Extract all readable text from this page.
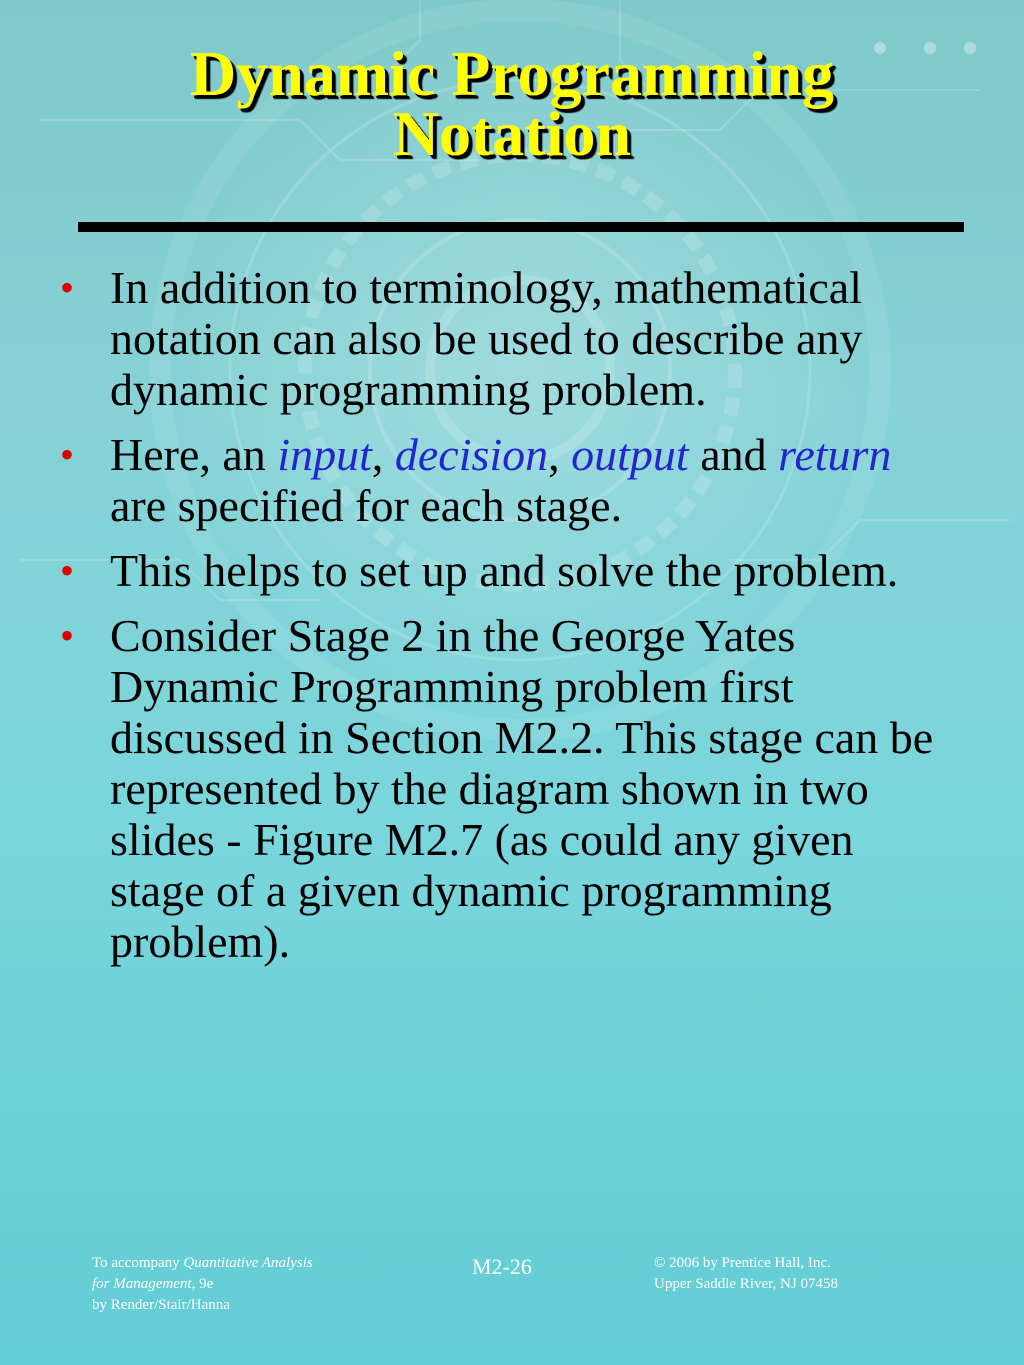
Dynamic Programming
Notation
• In addition to terminology, mathematical notation can also be used to describe any dynamic programming problem.
• Here, an input, decision, output and return are specified for each stage.
• This helps to set up and solve the problem.
• Consider Stage 2 in the George Yates Dynamic Programming problem first discussed in Section M2.2. This stage can be represented by the diagram shown in two slides - Figure M2.7 (as could any given stage of a given dynamic programming problem).
To accompany Quantitative Analysis
for Management, 9e
by Render/Stair/Hanna
M2-26	© 2006 by Prentice Hall, Inc.
Upper Saddle River, NJ 07458
